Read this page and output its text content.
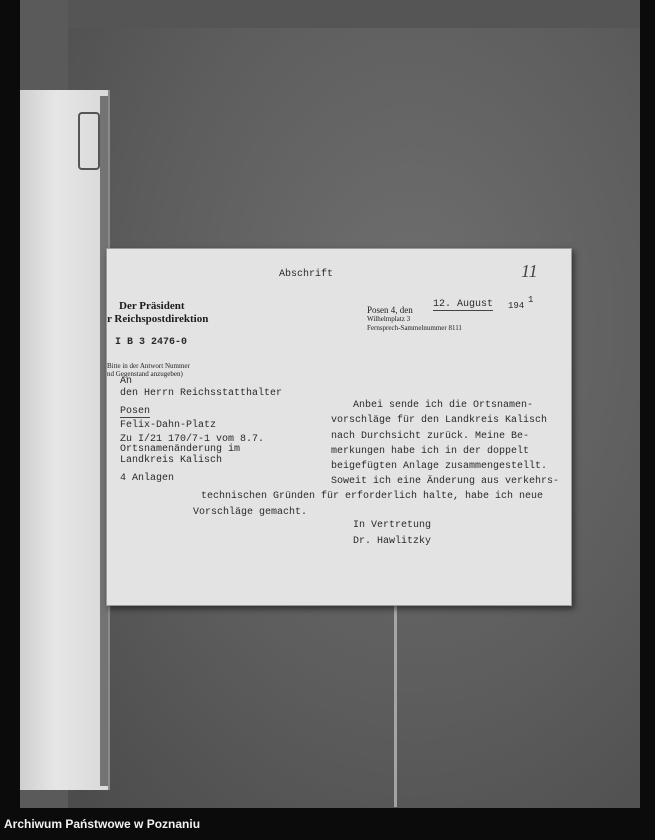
Abschrift	11
Der Präsident
r Reichspostdirektion
I B 3 2476-0
Bitte in der Antwort Nummer
nd Gegenstand anzugeben)
Posen 4, den 12. August 194
1
Wilhelmplatz 3
Fernsprech-Sammelnummer 8111
An
den Herrn Reichsstatthalter
Posen
Felix-Dahn-Platz
Zu I/21 170/7-1 vom 8.7.
Ortsnamenänderung im
Landkreis Kalisch
4 Anlagen
Anbei sende ich die Ortsnamen-
vorschläge für den Landkreis Kalisch
nach Durchsicht zurück. Meine Be-
merkungen habe ich in der doppelt
beigefügten Anlage zusammengestellt.
Soweit ich eine Änderung aus verkehrs-
technischen Gründen für erforderlich halte, habe ich neue
Vorschläge gemacht.
In Vertretung
Dr. Hawlitzky
Archiwum Państwowe w Poznaniu
